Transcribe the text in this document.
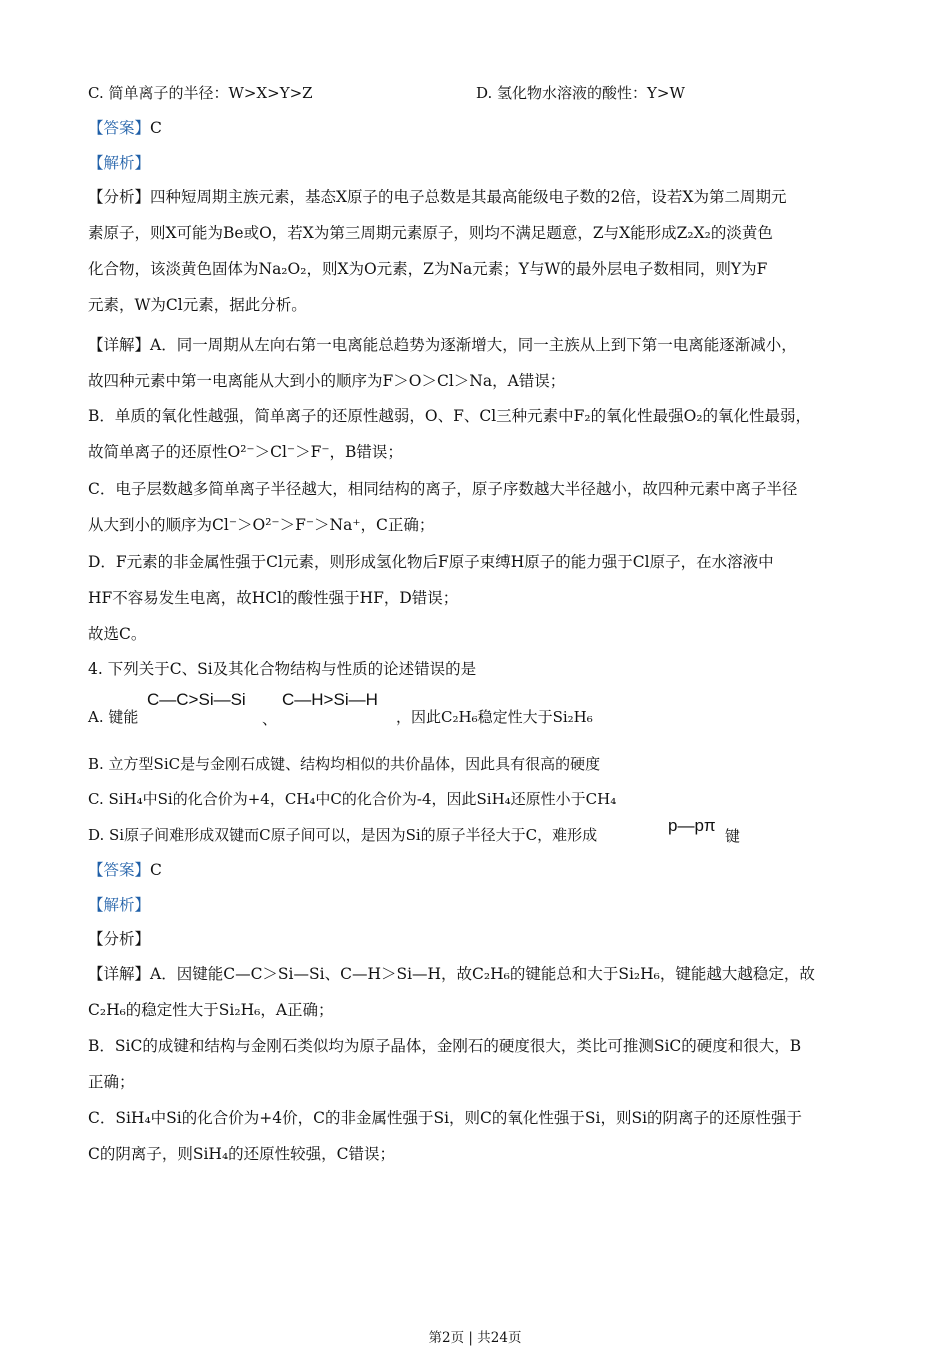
C. 简单离子的半径：W>X>Y>Z	D. 氢化物水溶液的酸性：Y>W
【答案】C
【解析】
【分析】四种短周期主族元素，基态X原子的电子总数是其最高能级电子数的2倍，设若X为第二周期元
素原子，则X可能为Be或O，若X为第三周期元素原子，则均不满足题意，Z与X能形成Z₂X₂的淡黄色
化合物，该淡黄色固体为Na₂O₂，则X为O元素，Z为Na元素；Y与W的最外层电子数相同，则Y为F
元素，W为Cl元素，据此分析。
【详解】A．同一周期从左向右第一电离能总趋势为逐渐增大，同一主族从上到下第一电离能逐渐减小，
故四种元素中第一电离能从大到小的顺序为F＞O＞Cl＞Na，A错误；
B．单质的氧化性越强，简单离子的还原性越弱，O、F、Cl三种元素中F₂的氧化性最强O₂的氧化性最弱，
故简单离子的还原性O²⁻＞Cl⁻＞F⁻，B错误；
C．电子层数越多简单离子半径越大，相同结构的离子，原子序数越大半径越小，故四种元素中离子半径
从大到小的顺序为Cl⁻＞O²⁻＞F⁻＞Na⁺，C正确；
D．F元素的非金属性强于Cl元素，则形成氢化物后F原子束缚H原子的能力强于Cl原子，在水溶液中
HF不容易发生电离，故HCl的酸性强于HF，D错误；
故选C。
4. 下列关于C、Si及其化合物结构与性质的论述错误的是
A. 键能
C—C>Si—Si
、
C—H>Si—H
，因此C₂H₆稳定性大于Si₂H₆
B. 立方型SiC是与金刚石成键、结构均相似的共价晶体，因此具有很高的硬度
C. SiH₄中Si的化合价为+4，CH₄中C的化合价为-4，因此SiH₄还原性小于CH₄
D. Si原子间难形成双键而C原子间可以，是因为Si的原子半径大于C，难形成	p—pπ
键
【答案】C
【解析】
【分析】
【详解】A．因键能C—C＞Si—Si、C—H＞Si—H，故C₂H₆的键能总和大于Si₂H₆，键能越大越稳定，故
C₂H₆的稳定性大于Si₂H₆，A正确；
B．SiC的成键和结构与金刚石类似均为原子晶体，金刚石的硬度很大，类比可推测SiC的硬度和很大，B
正确；
C．SiH₄中Si的化合价为+4价，C的非金属性强于Si，则C的氧化性强于Si，则Si的阴离子的还原性强于
C的阴离子，则SiH₄的还原性较强，C错误；
第2页 | 共24页
